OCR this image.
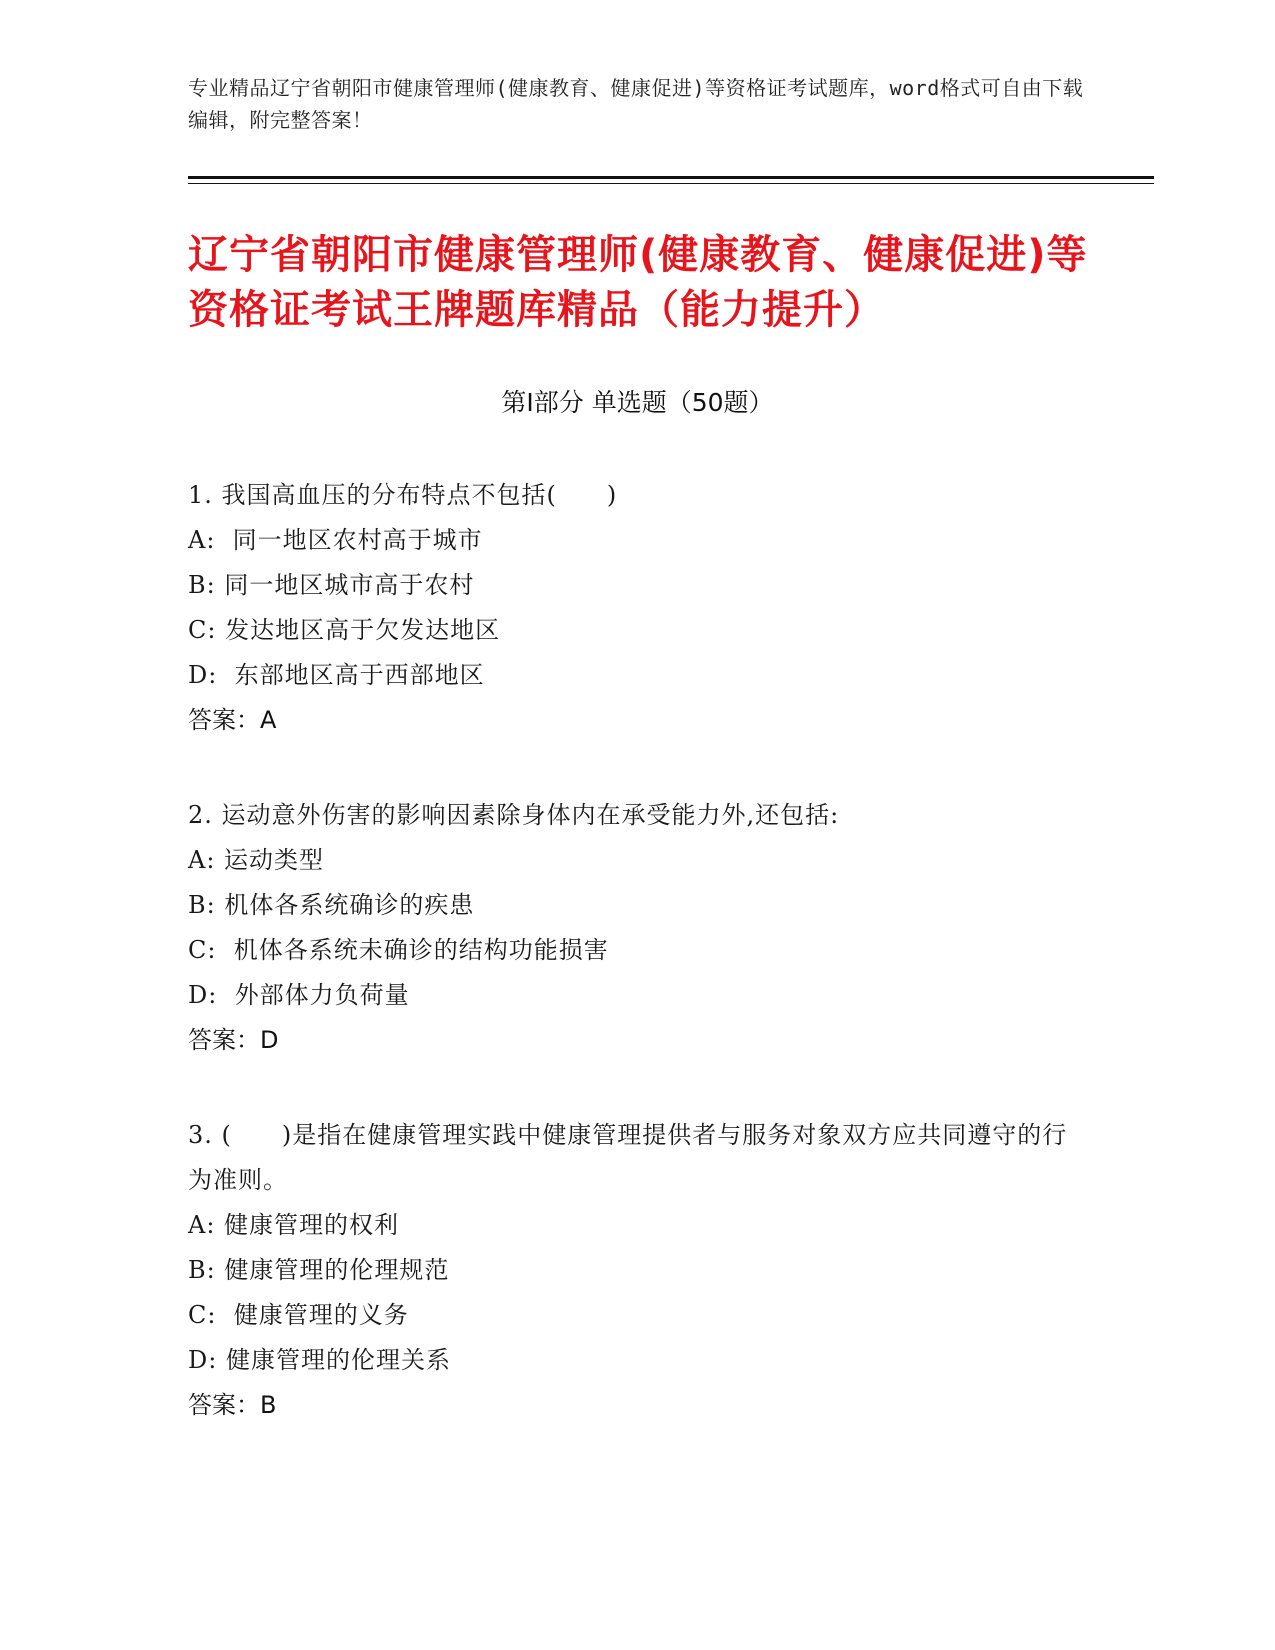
专业精品辽宁省朝阳市健康管理师(健康教育、健康促进)等资格证考试题库，word格式可自由下载编辑，附完整答案！
辽宁省朝阳市健康管理师(健康教育、健康促进)等资格证考试王牌题库精品（能力提升）
第Ⅰ部分 单选题（50题）

1. 我国高血压的分布特点不包括(　　)

A:  同一地区农村高于城市

B: 同一地区城市高于农村

C: 发达地区高于欠发达地区

D:  东部地区高于西部地区

答案：A

2. 运动意外伤害的影响因素除身体内在承受能力外,还包括:

A: 运动类型

B: 机体各系统确诊的疾患

C:  机体各系统未确诊的结构功能损害

D:  外部体力负荷量

答案：D

3. (　　)是指在健康管理实践中健康管理提供者与服务对象双方应共同遵守的行为准则。

A: 健康管理的权利

B: 健康管理的伦理规范

C:  健康管理的义务

D: 健康管理的伦理关系

答案：B
